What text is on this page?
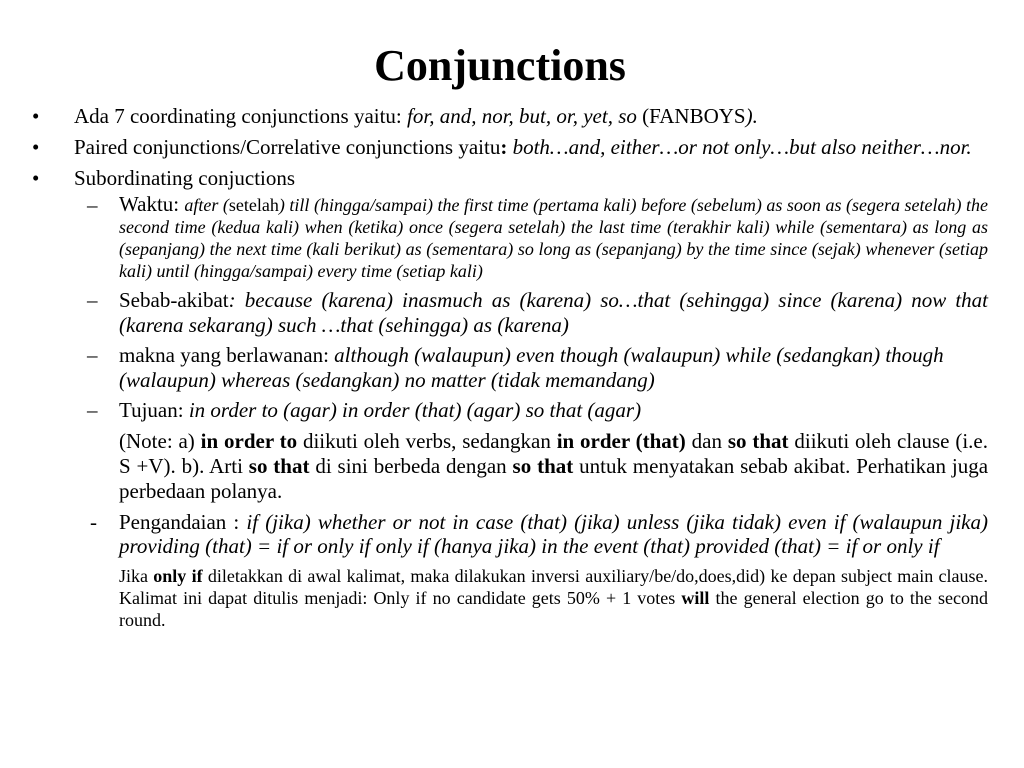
Conjunctions
• Ada 7 coordinating conjunctions yaitu: for, and, nor, but, or, yet, so (FANBOYS).
• Paired conjunctions/Correlative conjunctions yaitu: both…and, either…or not only…but also neither…nor.
• Subordinating conjuctions
– Waktu: after (setelah) till (hingga/sampai) the first time (pertama kali) before (sebelum) as soon as (segera setelah) the second time (kedua kali) when (ketika) once (segera setelah) the last time (terakhir kali) while (sementara) as long as (sepanjang) the next time (kali berikut) as (sementara) so long as (sepanjang) by the time since (sejak) whenever (setiap kali) until (hingga/sampai) every time (setiap kali)
– Sebab-akibat: because (karena) inasmuch as (karena) so…that (sehingga) since (karena) now that (karena sekarang) such …that (sehingga) as (karena)
– makna yang berlawanan: although (walaupun) even though (walaupun) while (sedangkan) though (walaupun) whereas (sedangkan) no matter (tidak memandang)
– Tujuan: in order to (agar) in order (that) (agar) so that (agar)
(Note: a) in order to diikuti oleh verbs, sedangkan in order (that) dan so that diikuti oleh clause (i.e. S +V). b). Arti so that di sini berbeda dengan so that untuk menyatakan sebab akibat. Perhatikan juga perbedaan polanya.
- Pengandaian : if (jika) whether or not in case (that) (jika) unless (jika tidak) even if (walaupun jika) providing (that) = if or only if only if (hanya jika) in the event (that) provided (that) = if or only if
Jika only if diletakkan di awal kalimat, maka dilakukan inversi auxiliary/be/do,does,did) ke depan subject main clause. Kalimat ini dapat ditulis menjadi: Only if no candidate gets 50% + 1 votes will the general election go to the second round.
